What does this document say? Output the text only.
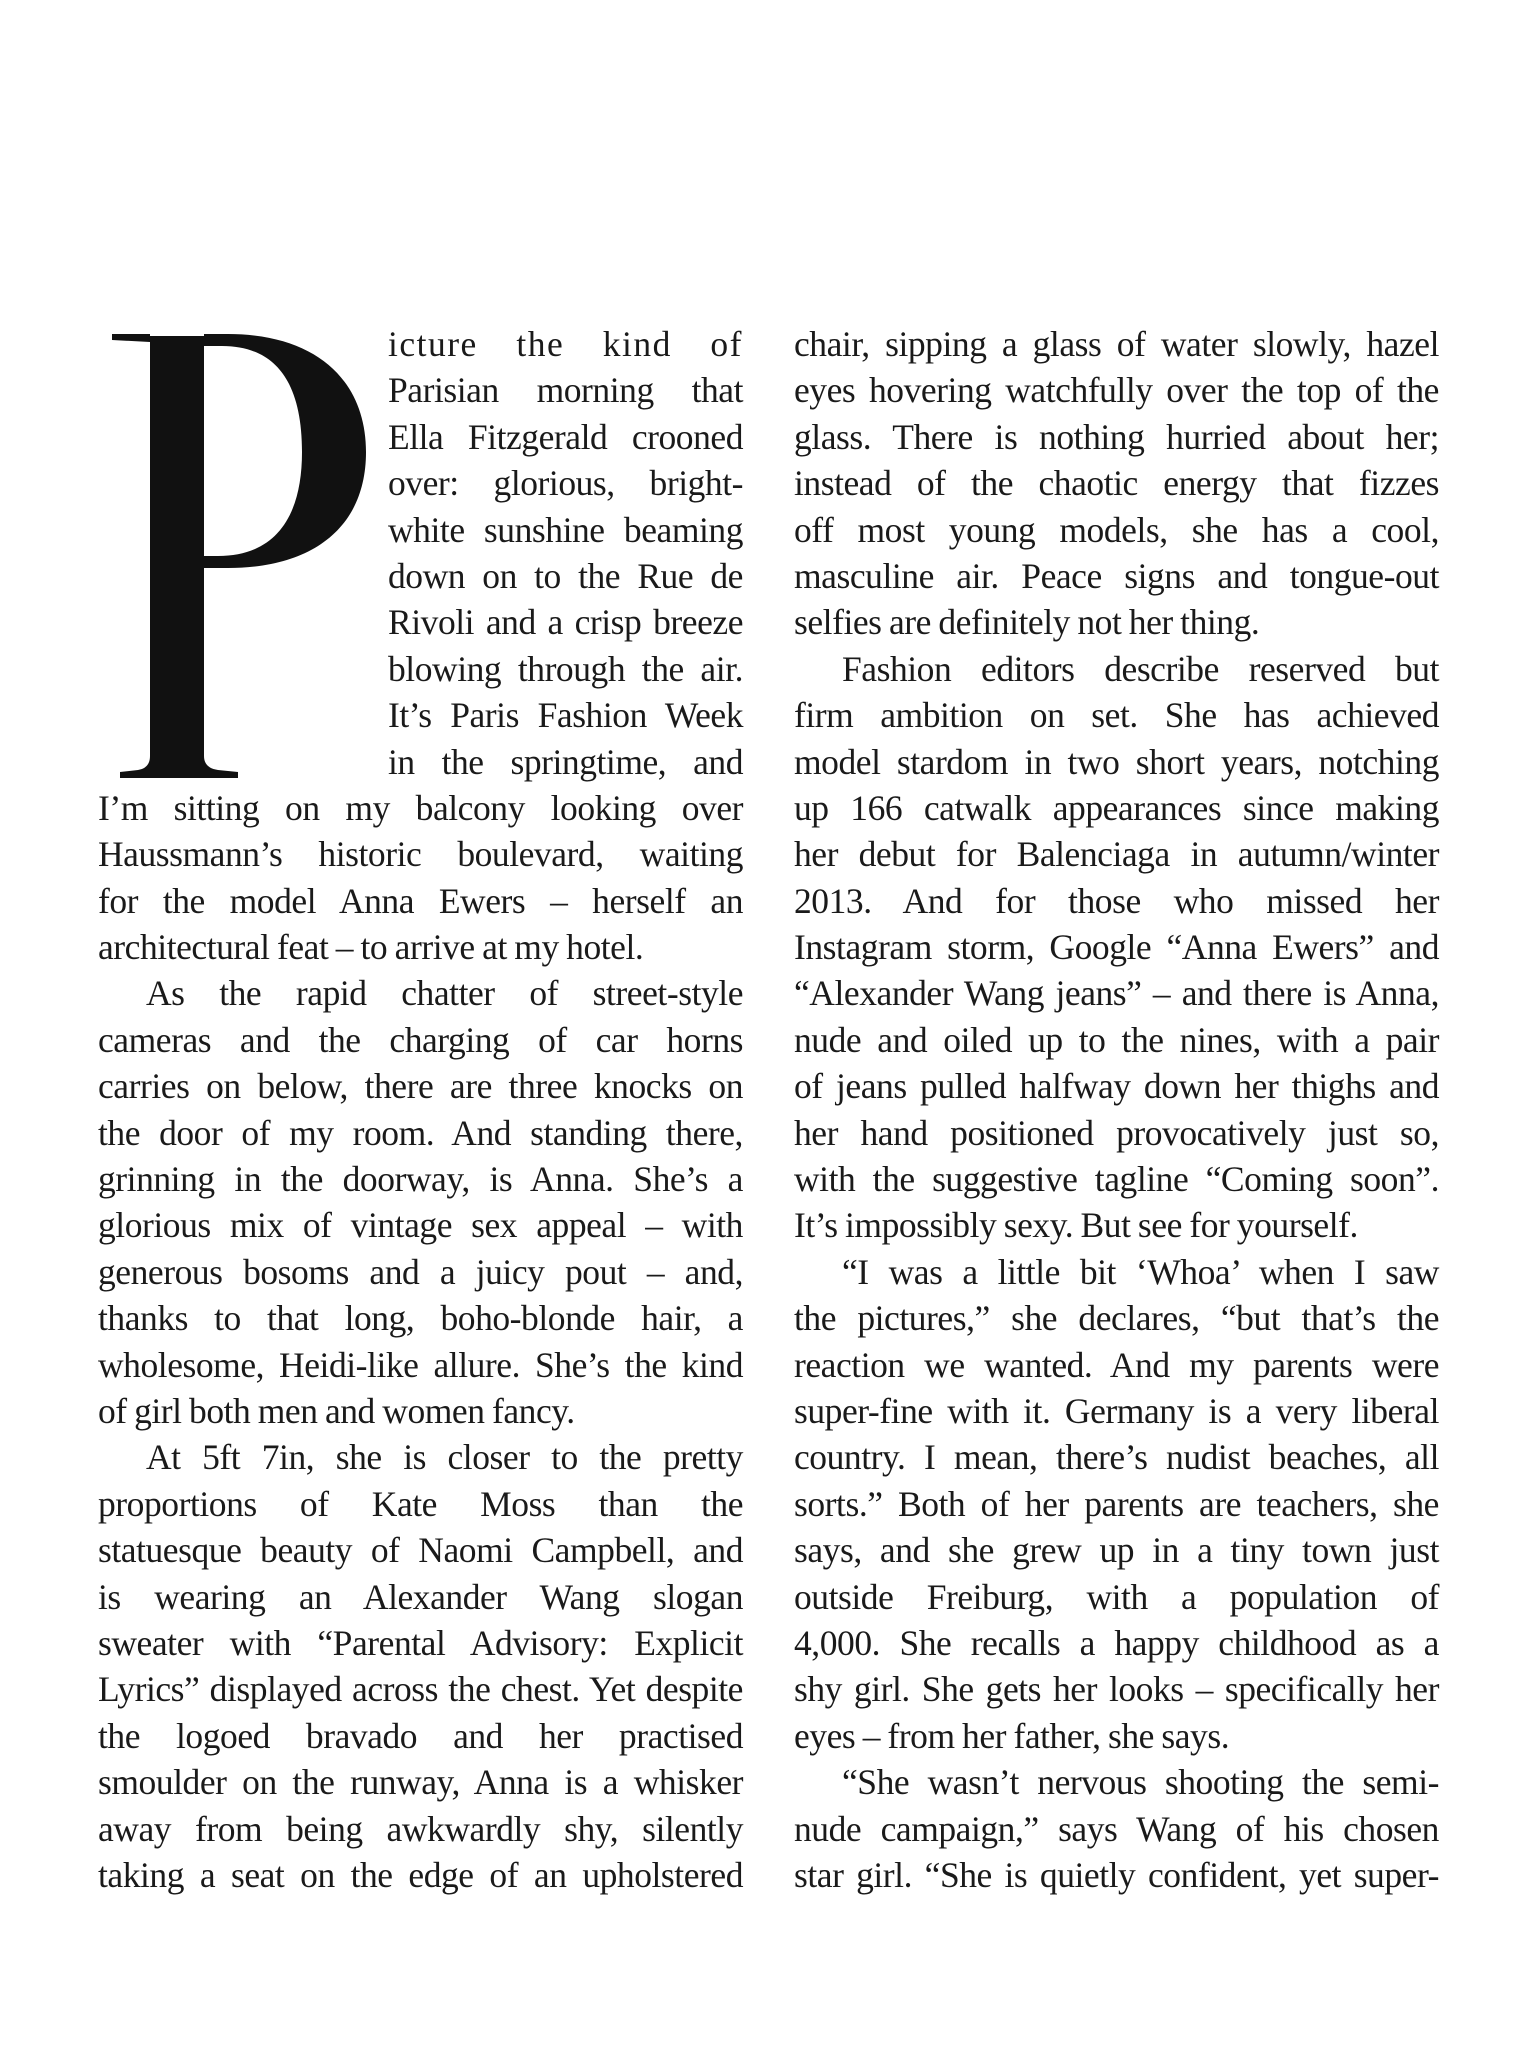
icture the kind of
Parisian morning that
Ella Fitzgerald crooned
over: glorious, bright-
white sunshine beaming
down on to the Rue de
Rivoli and a crisp breeze
blowing through the air.
It’s Paris Fashion Week
in the springtime, and
I’m sitting on my balcony looking over
Haussmann’s historic boulevard, waiting
for the model Anna Ewers – herself an
architectural feat – to arrive at my hotel.
As the rapid chatter of street-style
cameras and the charging of car horns
carries on below, there are three knocks on
the door of my room. And standing there,
grinning in the doorway, is Anna. She’s a
glorious mix of vintage sex appeal – with
generous bosoms and a juicy pout – and,
thanks to that long, boho-blonde hair, a
wholesome, Heidi-like allure. She’s the kind
of girl both men and women fancy.
At 5ft 7in, she is closer to the pretty
proportions of Kate Moss than the
statuesque beauty of Naomi Campbell, and
is wearing an Alexander Wang slogan
sweater with “Parental Advisory: Explicit
Lyrics” displayed across the chest. Yet despite
the logoed bravado and her practised
smoulder on the runway, Anna is a whisker
away from being awkwardly shy, silently
taking a seat on the edge of an upholstered
chair, sipping a glass of water slowly, hazel
eyes hovering watchfully over the top of the
glass. There is nothing hurried about her;
instead of the chaotic energy that fizzes
off most young models, she has a cool,
masculine air. Peace signs and tongue-out
selfies are definitely not her thing.
Fashion editors describe reserved but
firm ambition on set. She has achieved
model stardom in two short years, notching
up 166 catwalk appearances since making
her debut for Balenciaga in autumn/winter
2013. And for those who missed her
Instagram storm, Google “Anna Ewers” and
“Alexander Wang jeans” – and there is Anna,
nude and oiled up to the nines, with a pair
of jeans pulled halfway down her thighs and
her hand positioned provocatively just so,
with the suggestive tagline “Coming soon”.
It’s impossibly sexy. But see for yourself.
“I was a little bit ‘Whoa’ when I saw
the pictures,” she declares, “but that’s the
reaction we wanted. And my parents were
super-fine with it. Germany is a very liberal
country. I mean, there’s nudist beaches, all
sorts.” Both of her parents are teachers, she
says, and she grew up in a tiny town just
outside Freiburg, with a population of
4,000. She recalls a happy childhood as a
shy girl. She gets her looks – specifically her
eyes – from her father, she says.
“She wasn’t nervous shooting the semi-
nude campaign,” says Wang of his chosen
star girl. “She is quietly confident, yet super-
